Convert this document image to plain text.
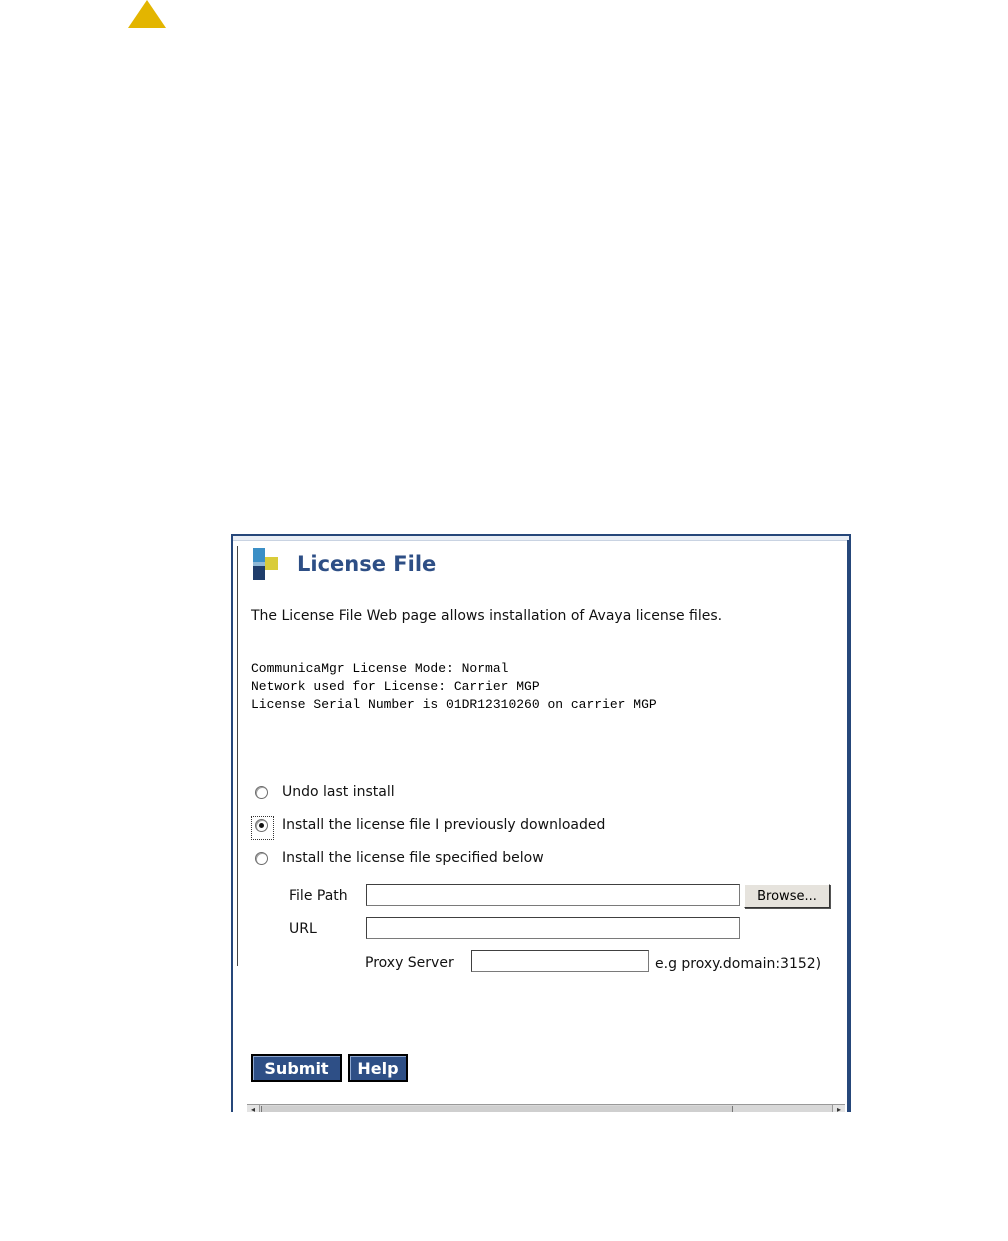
License File
The License File Web page allows installation of Avaya license files.
CommunicaMgr License Mode: Normal
Network used for License: Carrier MGP
License Serial Number is 01DR12310260 on carrier MGP
Undo last install
Install the license file I previously downloaded
Install the license file specified below
File Path	Browse...
URL
Proxy Server	e.g proxy.domain:3152)
Submit	Help
◂	▸
